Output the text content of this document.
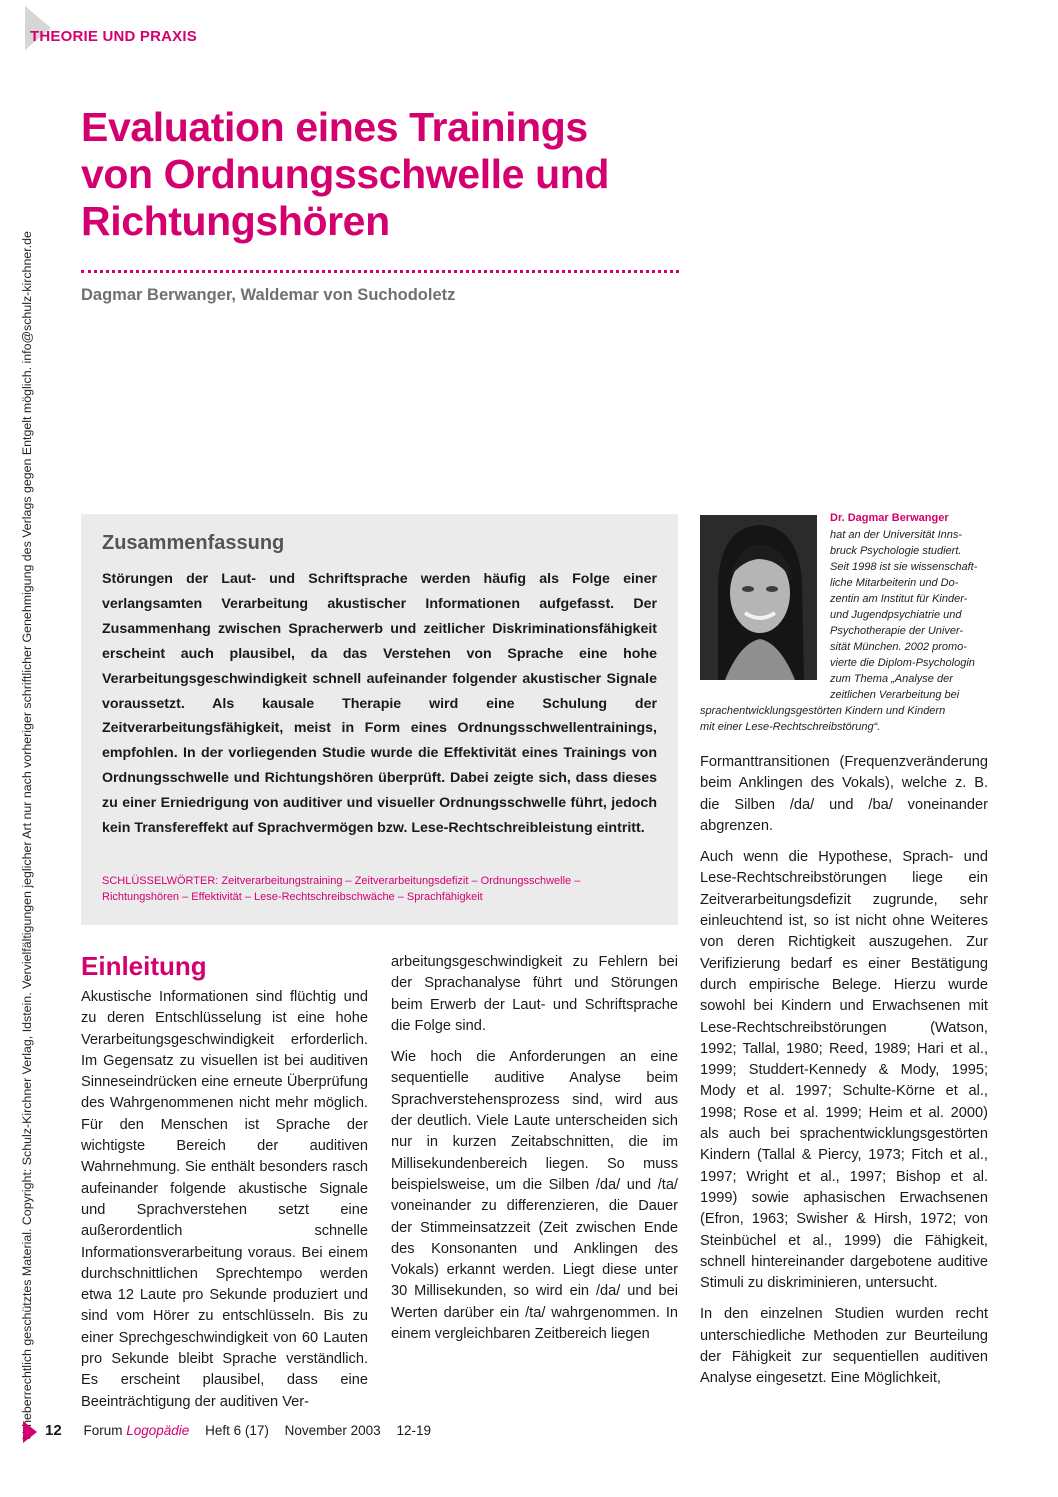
THEORIE UND PRAXIS
Urheberrechtlich geschütztes Material. Copyright: Schulz-Kirchner Verlag, Idstein. Vervielfältigungen jeglicher Art nur nach vorheriger schriftlicher Genehmigung des Verlags gegen Entgelt möglich. info@schulz-kirchner.de
Evaluation eines Trainings
von Ordnungsschwelle und
Richtungshören
Dagmar Berwanger, Waldemar von Suchodoletz
Zusammenfassung
Störungen der Laut- und Schriftsprache werden häufig als Folge einer verlangsamten Verarbeitung akustischer Informationen aufgefasst. Der Zusammenhang zwischen Spracherwerb und zeitlicher Diskriminationsfähigkeit erscheint auch plausibel, da das Verstehen von Sprache eine hohe Verarbeitungsgeschwindigkeit schnell aufeinander folgender akustischer Signale voraussetzt. Als kausale Therapie wird eine Schulung der Zeitverarbeitungsfähigkeit, meist in Form eines Ordnungsschwellentrainings, empfohlen. In der vorliegenden Studie wurde die Effektivität eines Trainings von Ordnungsschwelle und Richtungshören überprüft. Dabei zeigte sich, dass dieses zu einer Erniedrigung von auditiver und visueller Ordnungsschwelle führt, jedoch kein Transfereffekt auf Sprachvermögen bzw. Lese-Rechtschreibleistung eintritt.
SCHLÜSSELWÖRTER: Zeitverarbeitungstraining – Zeitverarbeitungsdefizit – Ordnungsschwelle – Richtungshören – Effektivität – Lese-Rechtschreibschwäche – Sprachfähigkeit
Dr. Dagmar Berwanger
hat an der Universität Inns-
bruck Psychologie studiert.
Seit 1998 ist sie wissenschaft-
liche Mitarbeiterin und Do-
zentin am Institut für Kinder-
und Jugendpsychiatrie und
Psychotherapie der Univer-
sität München. 2002 promo-
vierte die Diplom-Psychologin
zum Thema „Analyse der
zeitlichen Verarbeitung bei
sprachentwicklungsgestörten Kindern und Kindern
mit einer Lese-Rechtschreibstörung“.
Einleitung

Akustische Informationen sind flüchtig und zu deren Entschlüsselung ist eine hohe Verarbeitungsgeschwindigkeit erforderlich. Im Gegensatz zu visuellen ist bei auditiven Sinneseindrücken eine erneute Überprüfung des Wahrgenommenen nicht mehr möglich. Für den Menschen ist Sprache der wichtigste Bereich der auditiven Wahrnehmung. Sie enthält besonders rasch aufeinander folgende akustische Signale und Sprachverstehen setzt eine außerordentlich schnelle Informationsverarbeitung voraus. Bei einem durchschnittlichen Sprechtempo werden etwa 12 Laute pro Sekunde produziert und sind vom Hörer zu entschlüsseln. Bis zu einer Sprechgeschwindigkeit von 60 Lauten pro Sekunde bleibt Sprache verständlich. Es erscheint plausibel, dass eine Beeinträchtigung der auditiven Ver-

arbeitungsgeschwindigkeit zu Fehlern bei der Sprachanalyse führt und Störungen beim Erwerb der Laut- und Schriftsprache die Folge sind.

Wie hoch die Anforderungen an eine sequentielle auditive Analyse beim Sprachverstehensprozess sind, wird aus der deutlich. Viele Laute unterscheiden sich nur in kurzen Zeitabschnitten, die im Millisekundenbereich liegen. So muss beispielsweise, um die Silben /da/ und /ta/ voneinander zu differenzieren, die Dauer der Stimmeinsatzzeit (Zeit zwischen Ende des Konsonanten und Anklingen des Vokals) erkannt werden. Liegt diese unter 30 Millisekunden, so wird ein /da/ und bei Werten darüber ein /ta/ wahrgenommen. In einem vergleichbaren Zeitbereich liegen

Formanttransitionen (Frequenzveränderung beim Anklingen des Vokals), welche z. B. die Silben /da/ und /ba/ voneinander abgrenzen.

Auch wenn die Hypothese, Sprach- und Lese-Rechtschreibstörungen liege ein Zeitverarbeitungsdefizit zugrunde, sehr einleuchtend ist, so ist nicht ohne Weiteres von deren Richtigkeit auszugehen. Zur Verifizierung bedarf es einer Bestätigung durch empirische Belege. Hierzu wurde sowohl bei Kindern und Erwachsenen mit Lese-Rechtschreibstörungen (Watson, 1992; Tallal, 1980; Reed, 1989; Hari et al., 1999; Studdert-Kennedy & Mody, 1995; Mody et al. 1997; Schulte-Körne et al., 1998; Rose et al. 1999; Heim et al. 2000) als auch bei sprachentwicklungsgestörten Kindern (Tallal & Piercy, 1973; Fitch et al., 1997; Wright et al., 1997; Bishop et al. 1999) sowie aphasischen Erwachsenen (Efron, 1963; Swisher & Hirsh, 1972; von Steinbüchel et al., 1999) die Fähigkeit, schnell hintereinander dargebotene auditive Stimuli zu diskriminieren, untersucht.

In den einzelnen Studien wurden recht unterschiedliche Methoden zur Beurteilung der Fähigkeit zur sequentiellen auditiven Analyse eingesetzt. Eine Möglichkeit,

12 Forum Logopädie Heft 6 (17) November 2003 12-19
